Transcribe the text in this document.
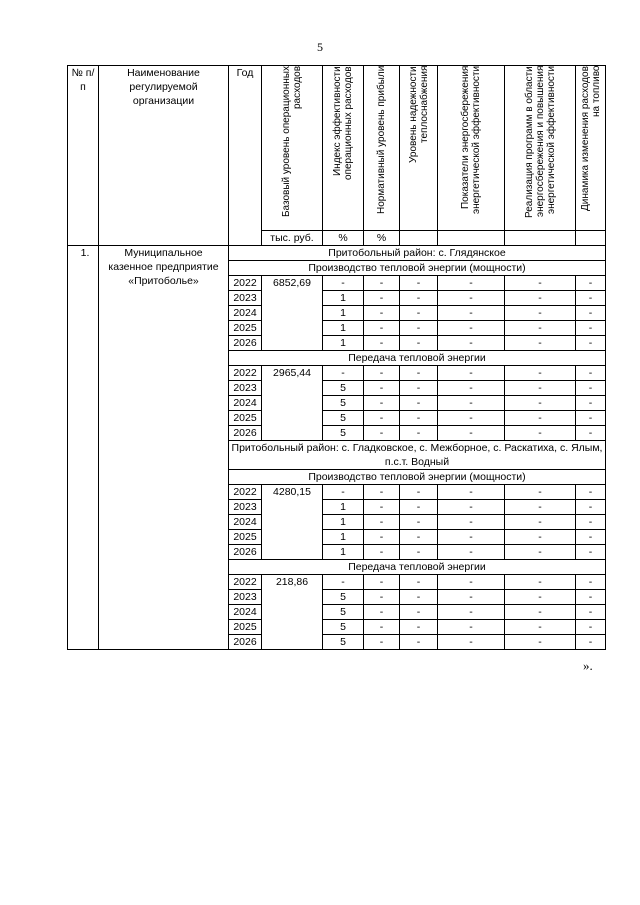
5
№ п/п	Наименование регулируемой организации	Год	Базовый уровень операционных расходов	Индекс эффективности операционных расходов	Нормативный уровень прибыли	Уровень надежности теплоснабжения	Показатели энергосбережения энергетической эффективности	Реализация программ в области энергосбережения и повышения энергетической эффективности	Динамика изменения расходов на топливо
			тыс. руб.	%	%				
1.	Муниципальное казенное предприятие «Притоболье»	Притобольный район: с. Глядянское							
		Производство тепловой энергии (мощности)							
		2022	6852,69	-	-	-	-	-	-
		2023		1	-	-	-	-	-
		2024		1	-	-	-	-	-
		2025		1	-	-	-	-	-
		2026		1	-	-	-	-	-
		Передача тепловой энергии							
		2022	2965,44	-	-	-	-	-	-
		2023		5	-	-	-	-	-
		2024		5	-	-	-	-	-
		2025		5	-	-	-	-	-
		2026		5	-	-	-	-	-
		Притобольный район: с. Гладковское, с. Межборное, с. Раскатиха, с. Ялым, п.с.т. Водный							
		Производство тепловой энергии (мощности)							
		2022	4280,15	-	-	-	-	-	-
		2023		1	-	-	-	-	-
		2024		1	-	-	-	-	-
		2025		1	-	-	-	-	-
		2026		1	-	-	-	-	-
		Передача тепловой энергии							
		2022	218,86	-	-	-	-	-	-
		2023		5	-	-	-	-	-
		2024		5	-	-	-	-	-
		2025		5	-	-	-	-	-
		2026		5	-	-	-	-	-
».
